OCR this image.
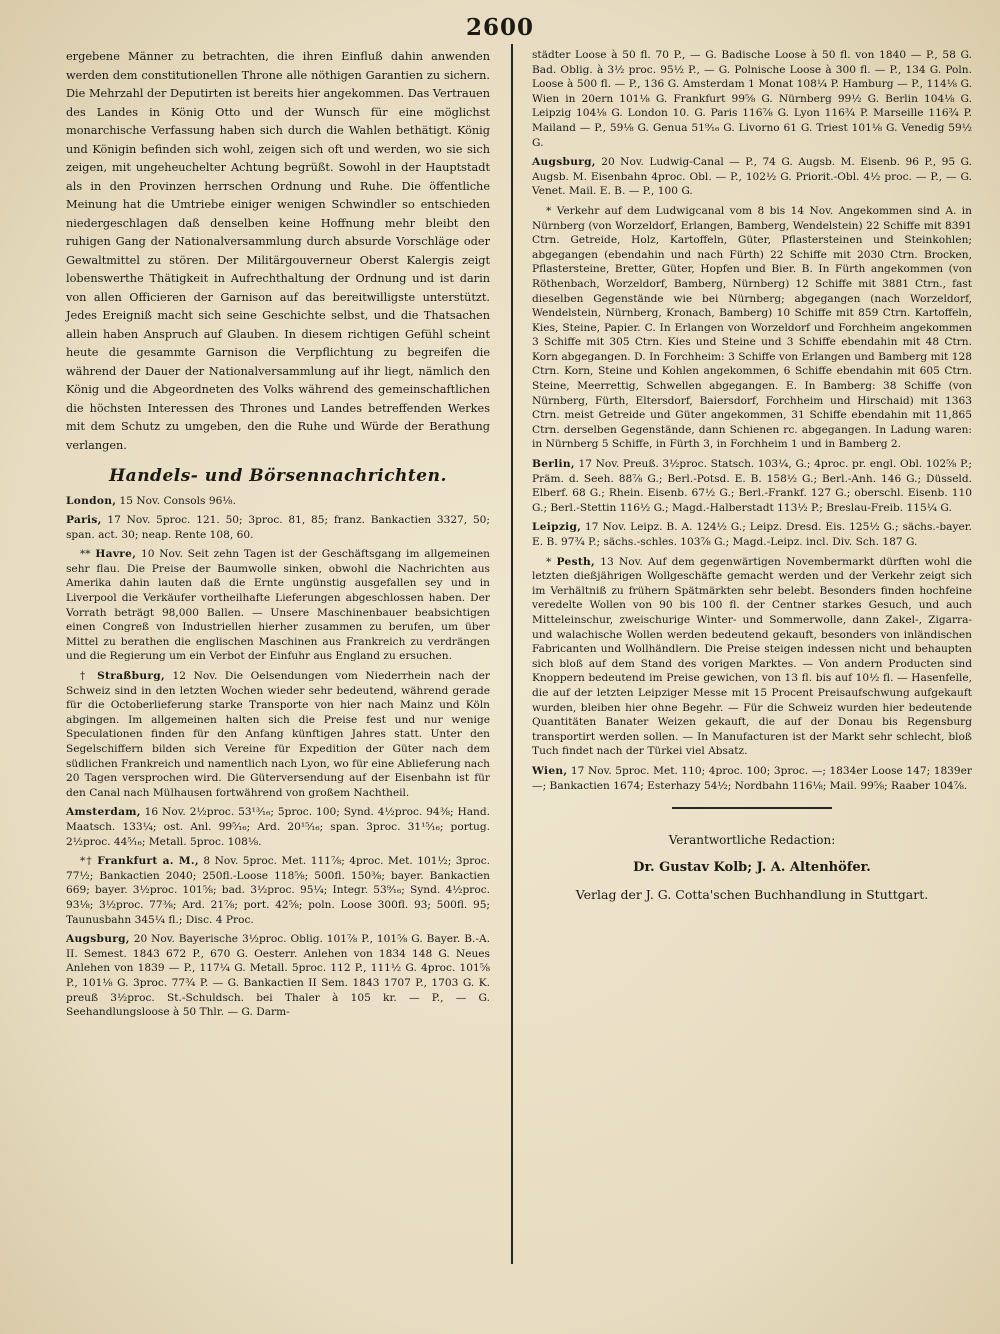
2600

ergebene Männer zu betrachten, die ihren Einfluß dahin anwenden werden dem constitutionellen Throne alle nöthigen Garantien zu sichern. Die Mehrzahl der Deputirten ist bereits hier angekommen. Das Vertrauen des Landes in König Otto und der Wunsch für eine möglichst monarchische Verfassung haben sich durch die Wahlen bethätigt. König und Königin befinden sich wohl, zeigen sich oft und werden, wo sie sich zeigen, mit ungeheuchelter Achtung begrüßt. Sowohl in der Hauptstadt als in den Provinzen herrschen Ordnung und Ruhe. Die öffentliche Meinung hat die Umtriebe einiger wenigen Schwindler so entschieden niedergeschlagen daß denselben keine Hoffnung mehr bleibt den ruhigen Gang der Nationalversammlung durch absurde Vorschläge oder Gewaltmittel zu stören. Der Militärgouverneur Oberst Kalergis zeigt lobenswerthe Thätigkeit in Aufrechthaltung der Ordnung und ist darin von allen Officieren der Garnison auf das bereitwilligste unterstützt. Jedes Ereigniß macht sich seine Geschichte selbst, und die Thatsachen allein haben Anspruch auf Glauben. In diesem richtigen Gefühl scheint heute die gesammte Garnison die Verpflichtung zu begreifen die während der Dauer der Nationalversammlung auf ihr liegt, nämlich den König und die Abgeordneten des Volks während des gemeinschaftlichen die höchsten Interessen des Thrones und Landes betreffenden Werkes mit dem Schutz zu umgeben, den die Ruhe und Würde der Berathung verlangen.

Handels- und Börsennachrichten.

London, 15 Nov. Consols 96⅛.

Paris, 17 Nov. 5proc. 121. 50; 3proc. 81, 85; franz. Bankactien 3327, 50; span. act. 30; neap. Rente 108, 60.

** Havre, 10 Nov. Seit zehn Tagen ist der Geschäftsgang im allgemeinen sehr flau. Die Preise der Baumwolle sinken, obwohl die Nachrichten aus Amerika dahin lauten daß die Ernte ungünstig ausgefallen sey und in Liverpool die Verkäufer vortheilhafte Lieferungen abgeschlossen haben. Der Vorrath beträgt 98,000 Ballen. — Unsere Maschinenbauer beabsichtigen einen Congreß von Industriellen hierher zusammen zu berufen, um über Mittel zu berathen die englischen Maschinen aus Frankreich zu verdrängen und die Regierung um ein Verbot der Einfuhr aus England zu ersuchen.

† Straßburg, 12 Nov. Die Oelsendungen vom Niederrhein nach der Schweiz sind in den letzten Wochen wieder sehr bedeutend, während gerade für die Octoberlieferung starke Transporte von hier nach Mainz und Köln abgingen. Im allgemeinen halten sich die Preise fest und nur wenige Speculationen finden für den Anfang künftigen Jahres statt. Unter den Segelschiffern bilden sich Vereine für Expedition der Güter nach dem südlichen Frankreich und namentlich nach Lyon, wo für eine Ablieferung nach 20 Tagen versprochen wird. Die Güterversendung auf der Eisenbahn ist für den Canal nach Mülhausen fortwährend von großem Nachtheil.

Amsterdam, 16 Nov. 2½proc. 53¹³⁄₁₆; 5proc. 100; Synd. 4½proc. 94⅜; Hand. Maatsch. 133¼; ost. Anl. 99⁵⁄₁₆; Ard. 20¹⁵⁄₁₆; span. 3proc. 31¹⁵⁄₁₆; portug. 2½proc. 44⁵⁄₁₆; Metall. 5proc. 108⅛.

*† Frankfurt a. M., 8 Nov. 5proc. Met. 111⅞; 4proc. Met. 101½; 3proc. 77½; Bankactien 2040; 250fl.-Loose 118⅝; 500fl. 150⅜; bayer. Bankactien 669; bayer. 3½proc. 101⅝; bad. 3½proc. 95¼; Integr. 53⁹⁄₁₆; Synd. 4½proc. 93⅛; 3½proc. 77⅜; Ard. 21⅞; port. 42⅝; poln. Loose 300fl. 93; 500fl. 95; Taunusbahn 345¼ fl.; Disc. 4 Proc.

Augsburg, 20 Nov. Bayerische 3½proc. Oblig. 101⅞ P., 101⅝ G. Bayer. B.-A. II. Semest. 1843 672 P., 670 G. Oesterr. Anlehen von 1834 148 G. Neues Anlehen von 1839 — P., 117¼ G. Metall. 5proc. 112 P., 111½ G. 4proc. 101⅝ P., 101⅛ G. 3proc. 77¾ P. — G. Bankactien II Sem. 1843 1707 P., 1703 G. K. preuß 3½proc. St.-Schuldsch. bei Thaler à 105 kr. — P., — G. Seehandlungsloose à 50 Thlr. — G. Darm-

städter Loose à 50 fl. 70 P., — G. Badische Loose à 50 fl. von 1840 — P., 58 G. Bad. Oblig. à 3½ proc. 95½ P., — G. Polnische Loose à 300 fl. — P., 134 G. Poln. Loose à 500 fl. — P., 136 G. Amsterdam 1 Monat 108¼ P. Hamburg — P., 114⅛ G. Wien in 20ern 101⅛ G. Frankfurt 99⅝ G. Nürnberg 99½ G. Berlin 104⅛ G. Leipzig 104⅛ G. London 10. G. Paris 116⅞ G. Lyon 116¾ P. Marseille 116¾ P. Mailand — P., 59⅛ G. Genua 51⁹⁄₁₆ G. Livorno 61 G. Triest 101⅛ G. Venedig 59½ G.

Augsburg, 20 Nov. Ludwig-Canal — P., 74 G. Augsb. M. Eisenb. 96 P., 95 G. Augsb. M. Eisenbahn 4proc. Obl. — P., 102½ G. Priorit.-Obl. 4½ proc. — P., — G. Venet. Mail. E. B. — P., 100 G.

* Verkehr auf dem Ludwigcanal vom 8 bis 14 Nov. Angekommen sind A. in Nürnberg (von Worzeldorf, Erlangen, Bamberg, Wendelstein) 22 Schiffe mit 8391 Ctrn. Getreide, Holz, Kartoffeln, Güter, Pflastersteinen und Steinkohlen; abgegangen (ebendahin und nach Fürth) 22 Schiffe mit 2030 Ctrn. Brocken, Pflastersteine, Bretter, Güter, Hopfen und Bier. B. In Fürth angekommen (von Röthenbach, Worzeldorf, Bamberg, Nürnberg) 12 Schiffe mit 3881 Ctrn., fast dieselben Gegenstände wie bei Nürnberg; abgegangen (nach Worzeldorf, Wendelstein, Nürnberg, Kronach, Bamberg) 10 Schiffe mit 859 Ctrn. Kartoffeln, Kies, Steine, Papier. C. In Erlangen von Worzeldorf und Forchheim angekommen 3 Schiffe mit 305 Ctrn. Kies und Steine und 3 Schiffe ebendahin mit 48 Ctrn. Korn abgegangen. D. In Forchheim: 3 Schiffe von Erlangen und Bamberg mit 128 Ctrn. Korn, Steine und Kohlen angekommen, 6 Schiffe ebendahin mit 605 Ctrn. Steine, Meerrettig, Schwellen abgegangen. E. In Bamberg: 38 Schiffe (von Nürnberg, Fürth, Eltersdorf, Baiersdorf, Forchheim und Hirschaid) mit 1363 Ctrn. meist Getreide und Güter angekommen, 31 Schiffe ebendahin mit 11,865 Ctrn. derselben Gegenstände, dann Schienen rc. abgegangen. In Ladung waren: in Nürnberg 5 Schiffe, in Fürth 3, in Forchheim 1 und in Bamberg 2.

Berlin, 17 Nov. Preuß. 3½proc. Statsch. 103¼, G.; 4proc. pr. engl. Obl. 102⅝ P.; Präm. d. Seeh. 88⅞ G.; Berl.-Potsd. E. B. 158½ G.; Berl.-Anh. 146 G.; Düsseld. Elberf. 68 G.; Rhein. Eisenb. 67½ G.; Berl.-Frankf. 127 G.; oberschl. Eisenb. 110 G.; Berl.-Stettin 116½ G.; Magd.-Halberstadt 113½ P.; Breslau-Freib. 115¼ G.

Leipzig, 17 Nov. Leipz. B. A. 124½ G.; Leipz. Dresd. Eis. 125½ G.; sächs.-bayer. E. B. 97¾ P.; sächs.-schles. 103⅞ G.; Magd.-Leipz. incl. Div. Sch. 187 G.

* Pesth, 13 Nov. Auf dem gegenwärtigen Novembermarkt dürften wohl die letzten dießjährigen Wollgeschäfte gemacht werden und der Verkehr zeigt sich im Verhältniß zu frühern Spätmärkten sehr belebt. Besonders finden hochfeine veredelte Wollen von 90 bis 100 fl. der Centner starkes Gesuch, und auch Mitteleinschur, zweischurige Winter- und Sommerwolle, dann Zakel-, Zigarra- und walachische Wollen werden bedeutend gekauft, besonders von inländischen Fabricanten und Wollhändlern. Die Preise steigen indessen nicht und behaupten sich bloß auf dem Stand des vorigen Marktes. — Von andern Producten sind Knoppern bedeutend im Preise gewichen, von 13 fl. bis auf 10½ fl. — Hasenfelle, die auf der letzten Leipziger Messe mit 15 Procent Preisaufschwung aufgekauft wurden, bleiben hier ohne Begehr. — Für die Schweiz wurden hier bedeutende Quantitäten Banater Weizen gekauft, die auf der Donau bis Regensburg transportirt werden sollen. — In Manufacturen ist der Markt sehr schlecht, bloß Tuch findet nach der Türkei viel Absatz.

Wien, 17 Nov. 5proc. Met. 110; 4proc. 100; 3proc. —; 1834er Loose 147; 1839er —; Bankactien 1674; Esterhazy 54½; Nordbahn 116⅛; Mail. 99⅝; Raaber 104⅞.

Verantwortliche Redaction:
Dr. Gustav Kolb; J. A. Altenhöfer.
Verlag der J. G. Cotta'schen Buchhandlung in Stuttgart.
